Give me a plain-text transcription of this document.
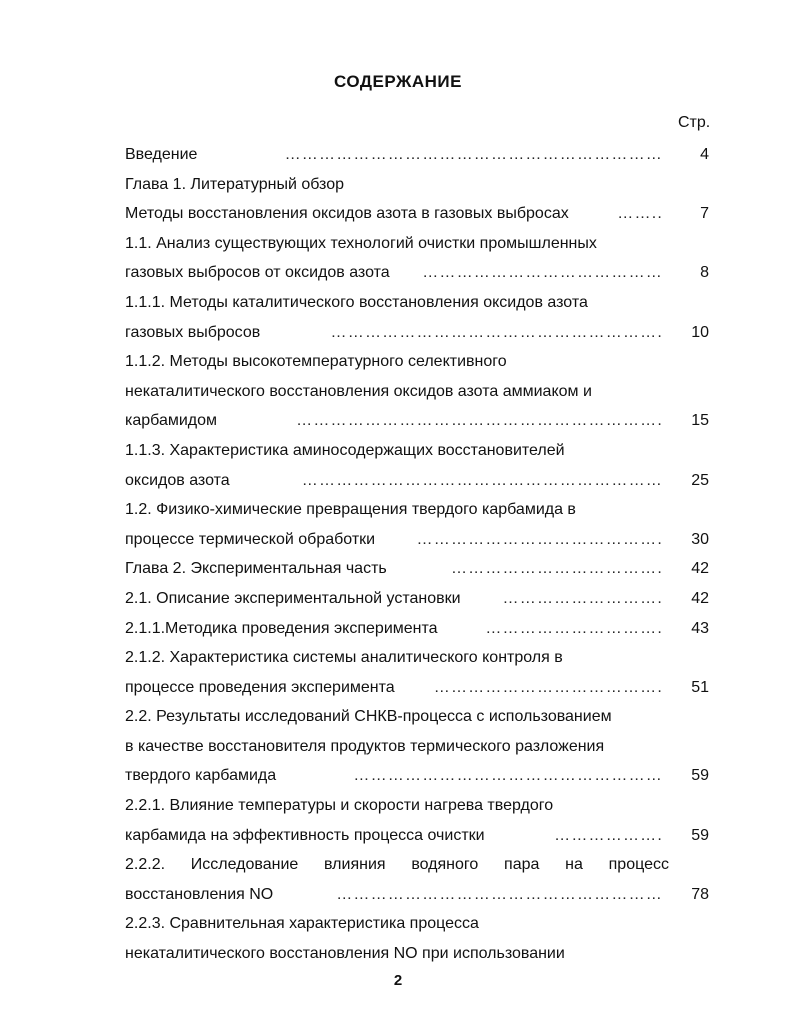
СОДЕРЖАНИЕ
Стр.
Введение	…………………………………………………………	4
Глава 1. Литературный обзор
Методы восстановления оксидов азота в газовых выбросах	……..	7
1.1. Анализ существующих технологий очистки промышленных
газовых выбросов от оксидов азота ……………………………………	8
1.1.1. Методы каталитического восстановления оксидов азота
газовых выбросов	………………………………………………….	10
1.1.2. Методы высокотемпературного селективного
некаталитического восстановления оксидов азота аммиаком и
карбамидом	……………………………………………………….	15
1.1.3. Характеристика аминосодержащих восстановителей
оксидов азота	………………………………………………………	25
1.2. Физико-химические превращения твердого карбамида в
процессе термической обработки	…………………………………….	30
Глава 2. Экспериментальная часть	……………………………….	42
2.1. Описание экспериментальной установки	……………………….	42
2.1.1.Методика проведения эксперимента	………………………….	43
2.1.2. Характеристика системы аналитического контроля в
процессе проведения эксперимента ………………………………….	51
2.2. Результаты исследований СНКВ-процесса с использованием
в качестве восстановителя продуктов термического разложения
твердого карбамида	………………………………………………	59
2.2.1. Влияние температуры и скорости нагрева твердого
карбамида на эффективность процесса очистки	……………….	59
2.2.2. Исследование влияния водяного пара на процесс
восстановления NO	…………………………………………………	78
2.2.3. Сравнительная характеристика процесса
некаталитического восстановления NO при использовании
2
